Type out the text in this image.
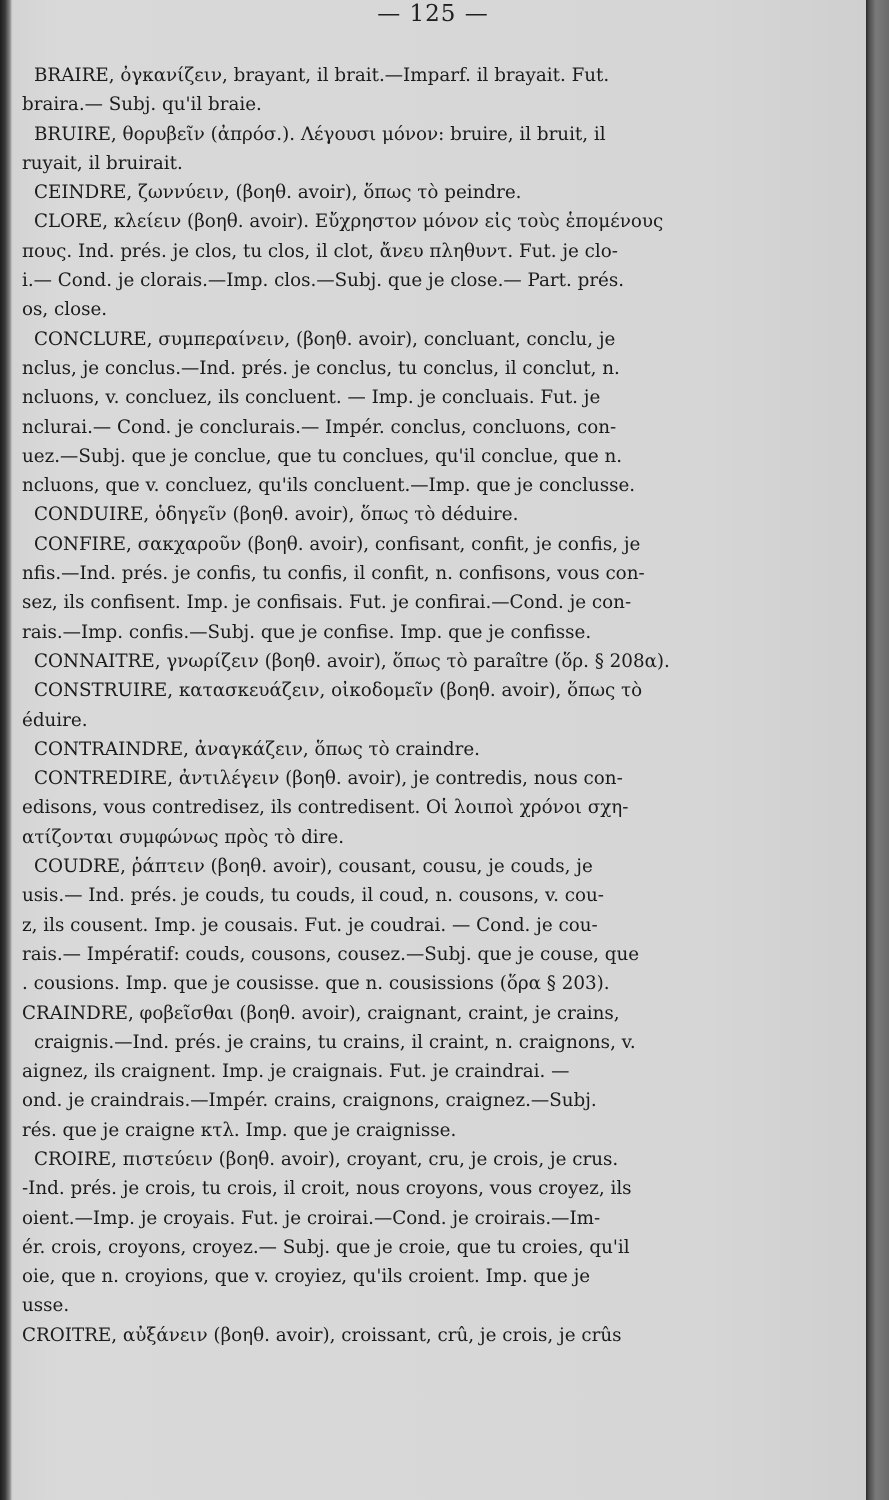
— 125 —
BRAIRE, ὀγκανίζειν, brayant, il brait.—Imparf. il brayait. Fut.
braira.— Subj. qu'il braie.
BRUIRE, θορυβεῖν (ἀπρόσ.). Λέγουσι μόνον: bruire, il bruit, il
ruyait, il bruirait.
CEINDRE, ζωννύειν, (βοηθ. avoir), ὅπως τὸ peindre.
CLORE, κλείειν (βοηθ. avoir). Εὔχρηστον μόνον εἰς τοὺς ἑπομένους
πους. Ind. prés. je clos, tu clos, il clot, ἄνευ πληθυντ. Fut. je clo-
i.— Cond. je clorais.—Imp. clos.—Subj. que je close.— Part. prés.
os, close.
CONCLURE, συμπεραίνειν, (βοηθ. avoir), concluant, conclu, je
nclus, je conclus.—Ind. prés. je conclus, tu conclus, il conclut, n.
ncluons, v. concluez, ils concluent. — Imp. je concluais. Fut. je
nclurai.— Cond. je conclurais.— Impér. conclus, concluons, con-
uez.—Subj. que je conclue, que tu conclues, qu'il conclue, que n.
ncluons, que v. concluez, qu'ils concluent.—Imp. que je conclusse.
CONDUIRE, ὁδηγεῖν (βοηθ. avoir), ὅπως τὸ déduire.
CONFIRE, σακχαροῦν (βοηθ. avoir), confisant, confit, je confis, je
nfis.—Ind. prés. je confis, tu confis, il confit, n. confisons, vous con-
sez, ils confisent. Imp. je confisais. Fut. je confirai.—Cond. je con-
rais.—Imp. confis.—Subj. que je confise. Imp. que je confisse.
CONNAITRE, γνωρίζειν (βοηθ. avoir), ὅπως τὸ paraître (ὅρ. § 208α).
CONSTRUIRE, κατασκευάζειν, οἰκοδομεῖν (βοηθ. avoir), ὅπως τὸ
éduire.
CONTRAINDRE, ἀναγκάζειν, ὅπως τὸ craindre.
CONTREDIRE, ἀντιλέγειν (βοηθ. avoir), je contredis, nous con-
edisons, vous contredisez, ils contredisent. Οἱ λοιποὶ χρόνοι σχη-
ατίζονται συμφώνως πρὸς τὸ dire.
COUDRE, ῥάπτειν (βοηθ. avoir), cousant, cousu, je couds, je
usis.— Ind. prés. je couds, tu couds, il coud, n. cousons, v. cou-
z, ils cousent. Imp. je cousais. Fut. je coudrai. — Cond. je cou-
rais.— Impératif: couds, cousons, cousez.—Subj. que je couse, que
. cousions. Imp. que je cousisse. que n. cousissions (ὅρα § 203).
CRAINDRE, φοβεῖσθαι (βοηθ. avoir), craignant, craint, je crains,
craignis.—Ind. prés. je crains, tu crains, il craint, n. craignons, v.
aignez, ils craignent. Imp. je craignais. Fut. je craindrai. —
ond. je craindrais.—Impér. crains, craignons, craignez.—Subj.
rés. que je craigne κτλ. Imp. que je craignisse.
CROIRE, πιστεύειν (βοηθ. avoir), croyant, cru, je crois, je crus.
-Ind. prés. je crois, tu crois, il croit, nous croyons, vous croyez, ils
oient.—Imp. je croyais. Fut. je croirai.—Cond. je croirais.—Im-
ér. crois, croyons, croyez.— Subj. que je croie, que tu croies, qu'il
oie, que n. croyions, que v. croyiez, qu'ils croient. Imp. que je
usse.
CROITRE, αὐξάνειν (βοηθ. avoir), croissant, crû, je crois, je crûs
